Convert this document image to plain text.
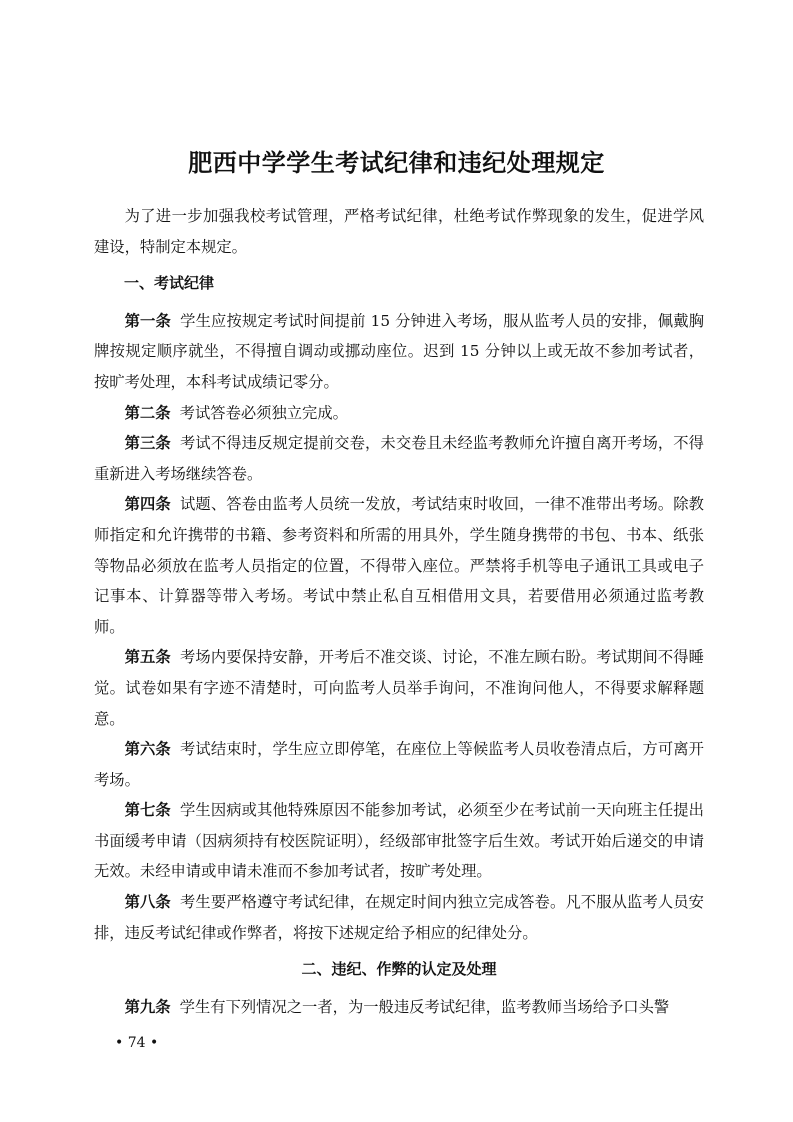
肥西中学学生考试纪律和违纪处理规定

为了进一步加强我校考试管理，严格考试纪律，杜绝考试作弊现象的发生，促进学风建设，特制定本规定。

一、考试纪律

第一条 学生应按规定考试时间提前 15 分钟进入考场，服从监考人员的安排，佩戴胸牌按规定顺序就坐，不得擅自调动或挪动座位。迟到 15 分钟以上或无故不参加考试者，按旷考处理，本科考试成绩记零分。

第二条 考试答卷必须独立完成。

第三条 考试不得违反规定提前交卷，未交卷且未经监考教师允许擅自离开考场，不得重新进入考场继续答卷。

第四条 试题、答卷由监考人员统一发放，考试结束时收回，一律不准带出考场。除教师指定和允许携带的书籍、参考资料和所需的用具外，学生随身携带的书包、书本、纸张等物品必须放在监考人员指定的位置，不得带入座位。严禁将手机等电子通讯工具或电子记事本、计算器等带入考场。考试中禁止私自互相借用文具，若要借用必须通过监考教师。

第五条 考场内要保持安静，开考后不准交谈、讨论，不准左顾右盼。考试期间不得睡觉。试卷如果有字迹不清楚时，可向监考人员举手询问，不准询问他人，不得要求解释题意。

第六条 考试结束时，学生应立即停笔，在座位上等候监考人员收卷清点后，方可离开考场。

第七条 学生因病或其他特殊原因不能参加考试，必须至少在考试前一天向班主任提出书面缓考申请（因病须持有校医院证明），经级部审批签字后生效。考试开始后递交的申请无效。未经申请或申请未准而不参加考试者，按旷考处理。

第八条 考生要严格遵守考试纪律，在规定时间内独立完成答卷。凡不服从监考人员安排，违反考试纪律或作弊者，将按下述规定给予相应的纪律处分。

二、违纪、作弊的认定及处理

第九条 学生有下列情况之一者，为一般违反考试纪律，监考教师当场给予口头警

• 74 •
